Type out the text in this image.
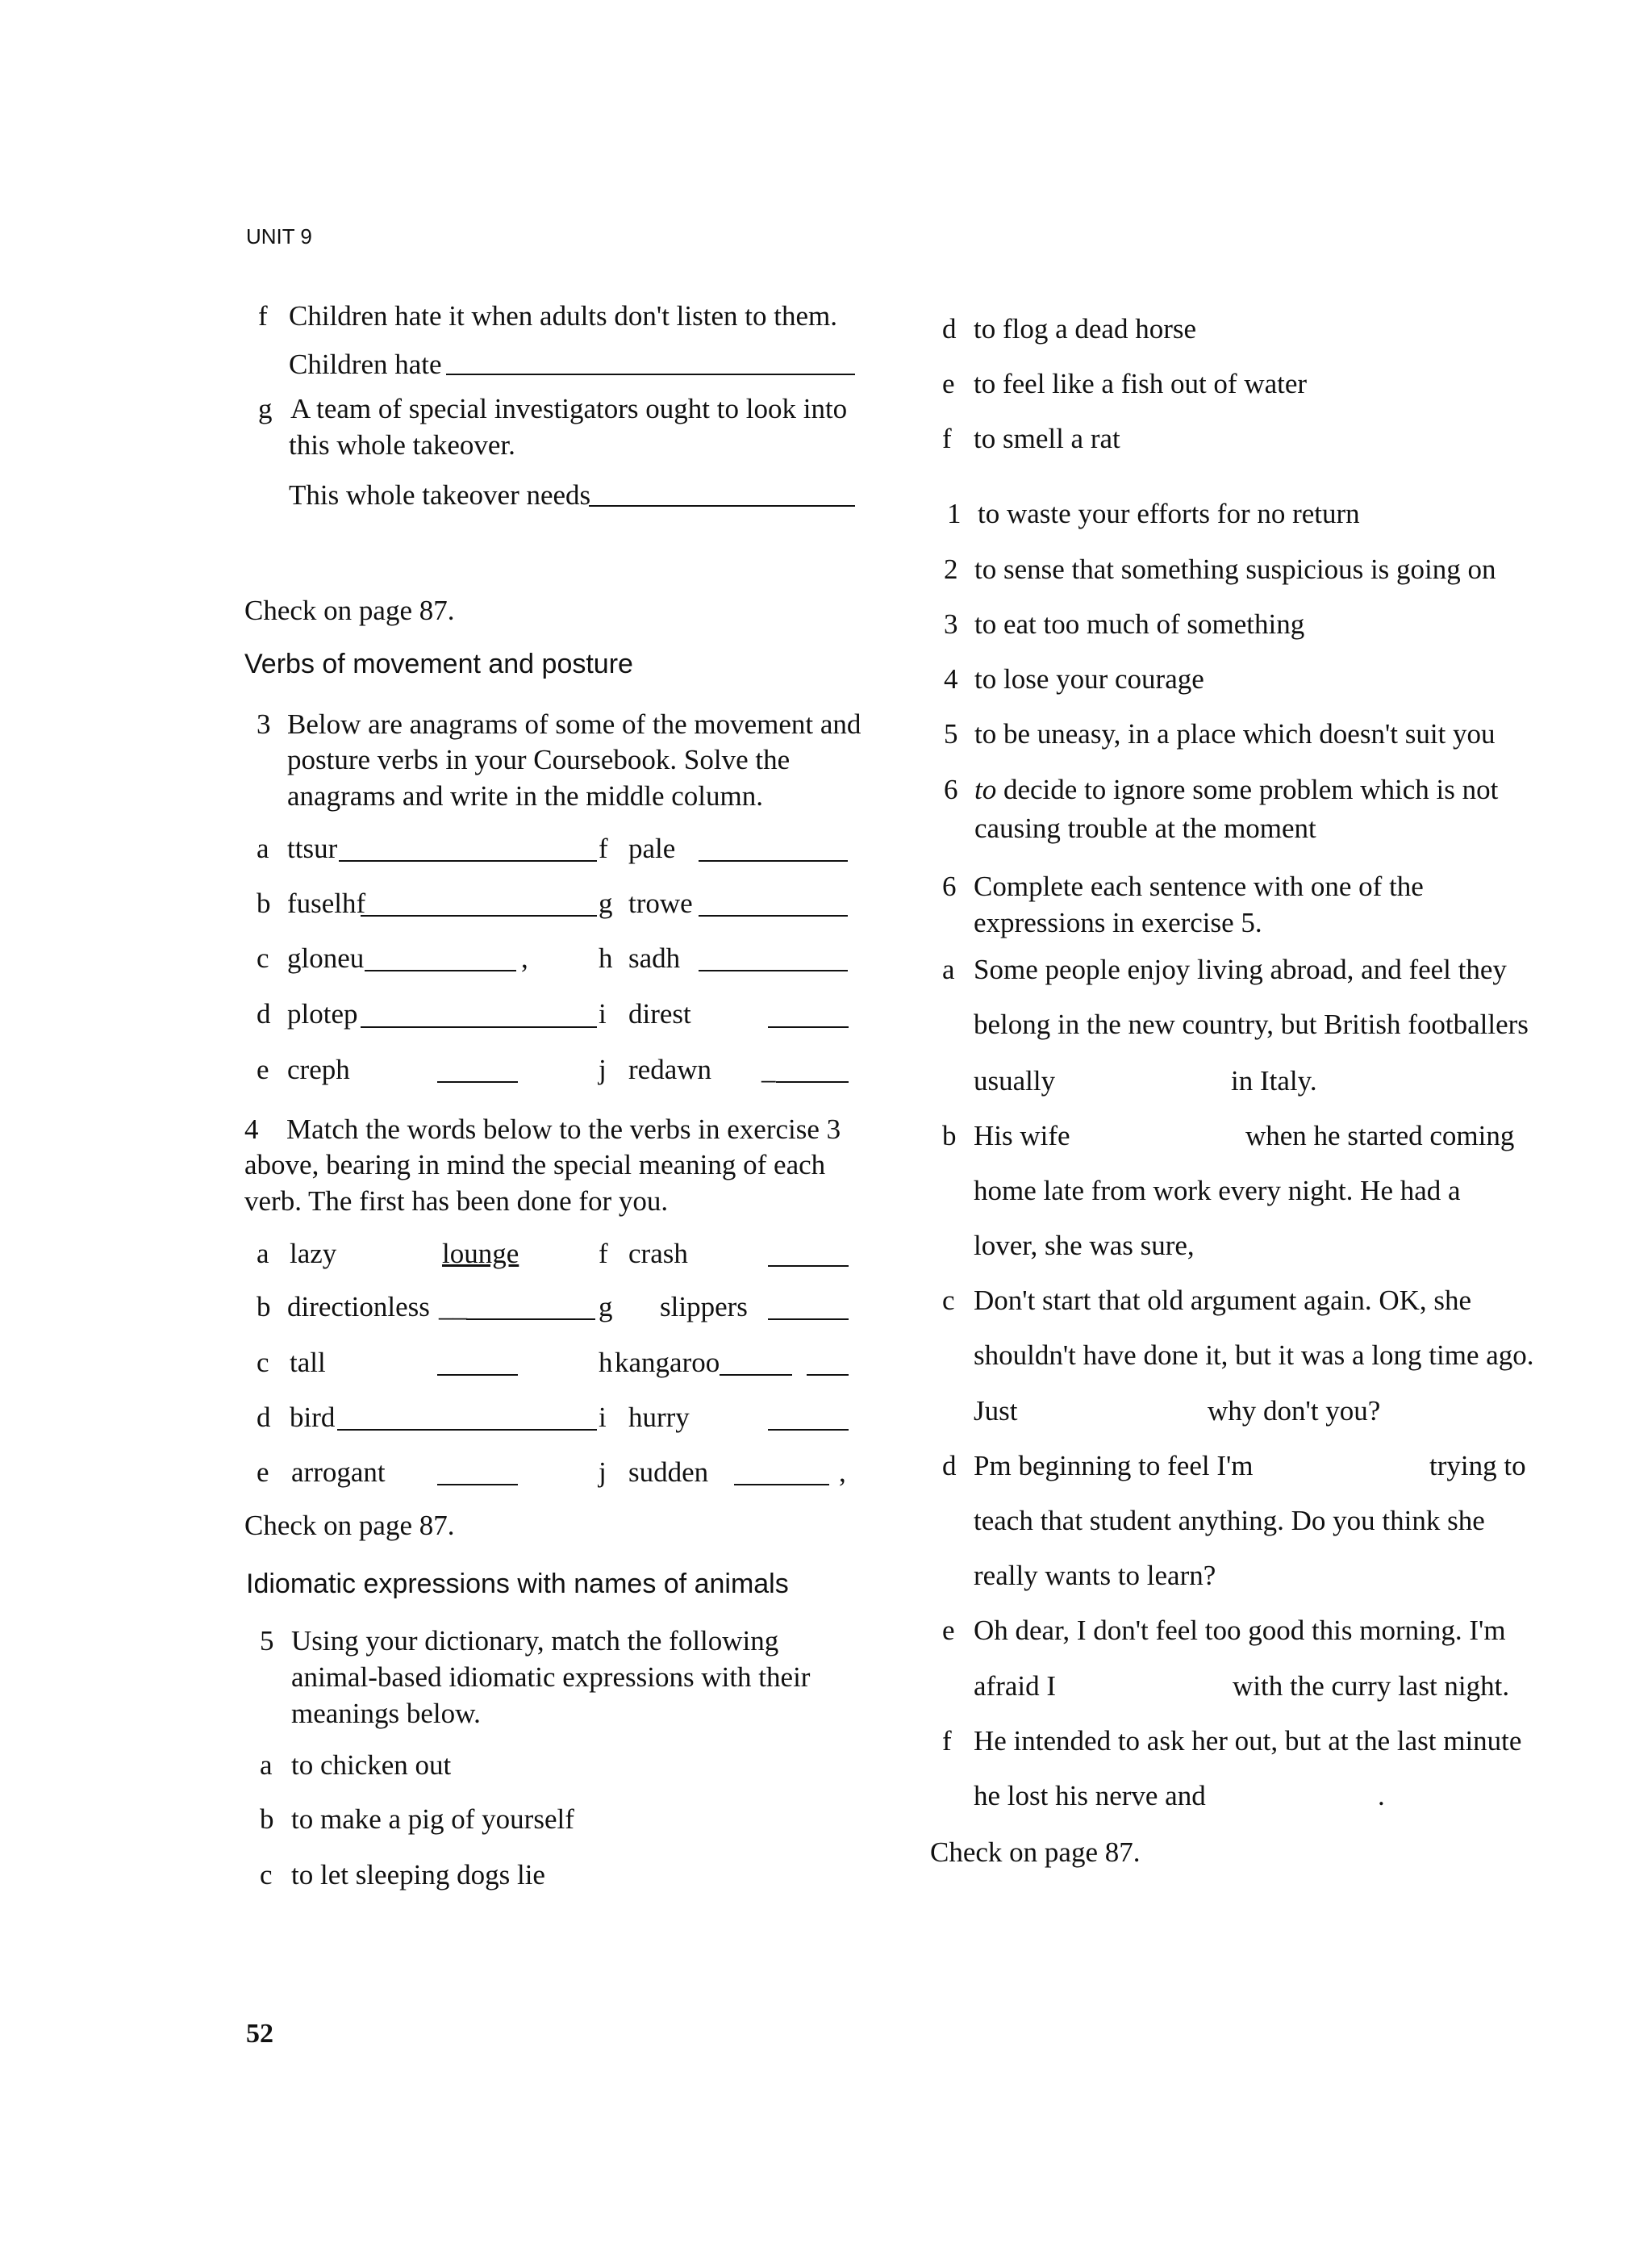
UNIT 9
f Children hate it when adults don't listen to them.
Children hate
g A team of special investigators ought to look into
this whole takeover.
This whole takeover needs
Check on page 87.
Verbs of movement and posture
3 Below are anagrams of some of the movement and
posture verbs in your Coursebook. Solve the
anagrams and write in the middle column.
a ttsur	f pale
b fuselhf	g trowe
c gloneu	, h sadh
d plotep	i direst
e creph	j redawn _
4 Match the words below to the verbs in exercise 3
above, bearing in mind the special meaning of each
verb. The first has been done for you.
a lazy	lounge	f crash
b directionless __	g slippers
c tall	h kangaroo
d bird	i hurry
e arrogant	j sudden	,
Check on page 87.
Idiomatic expressions with names of animals
5 Using your dictionary, match the following
animal-based idiomatic expressions with their
meanings below.
a to chicken out
b to make a pig of yourself
c to let sleeping dogs lie
d to flog a dead horse
e to feel like a fish out of water
f to smell a rat
1 to waste your efforts for no return
2 to sense that something suspicious is going on
3 to eat too much of something
4 to lose your courage
5 to be uneasy, in a place which doesn't suit you
6 to decide to ignore some problem which is not
causing trouble at the moment
6 Complete each sentence with one of the
expressions in exercise 5.
a Some people enjoy living abroad, and feel they
belong in the new country, but British footballers
usually	in Italy.
b His wife	when he started coming
home late from work every night. He had a
lover, she was sure,
c Don't start that old argument again. OK, she
shouldn't have done it, but it was a long time ago.
Just	why don't you?
d Pm beginning to feel I'm	trying to
teach that student anything. Do you think she
really wants to learn?
e Oh dear, I don't feel too good this morning. I'm
afraid I	with the curry last night.
f He intended to ask her out, but at the last minute
he lost his nerve and	.
Check on page 87.
52
